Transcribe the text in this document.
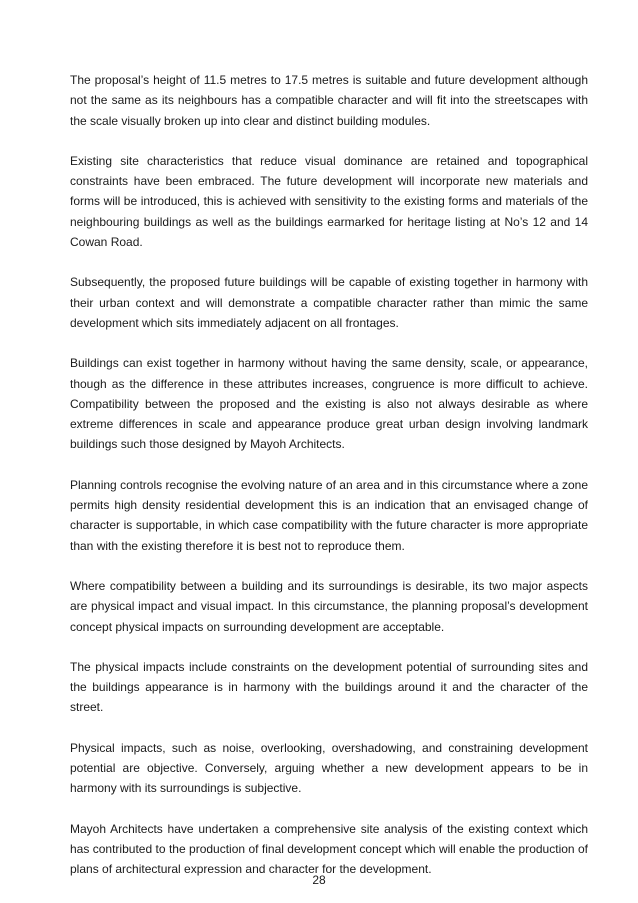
The proposal’s height of 11.5 metres to 17.5 metres is suitable and future development although not the same as its neighbours has a compatible character and will fit into the streetscapes with the scale visually broken up into clear and distinct building modules.

Existing site characteristics that reduce visual dominance are retained and topographical constraints have been embraced. The future development will incorporate new materials and forms will be introduced, this is achieved with sensitivity to the existing forms and materials of the neighbouring buildings as well as the buildings earmarked for heritage listing at No’s 12 and 14 Cowan Road.

Subsequently, the proposed future buildings will be capable of existing together in harmony with their urban context and will demonstrate a compatible character rather than mimic the same development which sits immediately adjacent on all frontages.

Buildings can exist together in harmony without having the same density, scale, or appearance, though as the difference in these attributes increases, congruence is more difficult to achieve. Compatibility between the proposed and the existing is also not always desirable as where extreme differences in scale and appearance produce great urban design involving landmark buildings such those designed by Mayoh Architects.

Planning controls recognise the evolving nature of an area and in this circumstance where a zone permits high density residential development this is an indication that an envisaged change of character is supportable, in which case compatibility with the future character is more appropriate than with the existing therefore it is best not to reproduce them.

Where compatibility between a building and its surroundings is desirable, its two major aspects are physical impact and visual impact. In this circumstance, the planning proposal’s development concept physical impacts on surrounding development are acceptable.

The physical impacts include constraints on the development potential of surrounding sites and the buildings appearance is in harmony with the buildings around it and the character of the street.

Physical impacts, such as noise, overlooking, overshadowing, and constraining development potential are objective. Conversely, arguing whether a new development appears to be in harmony with its surroundings is subjective.

Mayoh Architects have undertaken a comprehensive site analysis of the existing context which has contributed to the production of final development concept which will enable the production of plans of architectural expression and character for the development.

28
